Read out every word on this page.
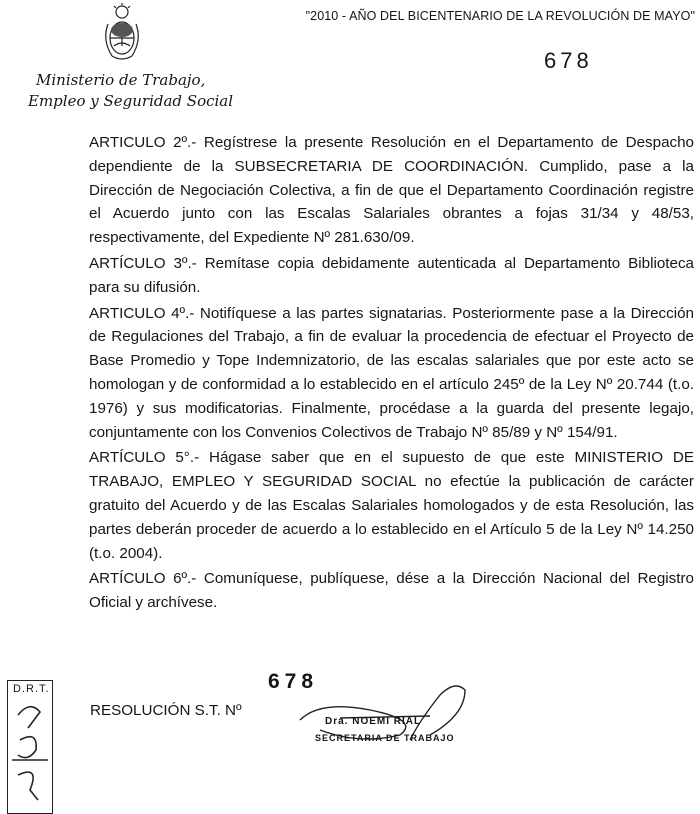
"2010 - AÑO DEL BICENTENARIO DE LA REVOLUCIÓN DE MAYO"
Ministerio de Trabajo,
Empleo y Seguridad Social
678

ARTICULO 2º.- Regístrese la presente Resolución en el Departamento de Despacho dependiente de la SUBSECRETARIA DE COORDINACIÓN. Cumplido, pase a la Dirección de Negociación Colectiva, a fin de que el Departamento Coordinación registre el Acuerdo junto con las Escalas Salariales obrantes a fojas 31/34 y 48/53, respectivamente, del Expediente Nº 281.630/09.

ARTÍCULO 3º.- Remítase copia debidamente autenticada al Departamento Biblioteca para su difusión.

ARTICULO 4º.- Notifíquese a las partes signatarias. Posteriormente pase a la Dirección de Regulaciones del Trabajo, a fin de evaluar la procedencia de efectuar el Proyecto de Base Promedio y Tope Indemnizatorio, de las escalas salariales que por este acto se homologan y de conformidad a lo establecido en el artículo 245º de la Ley Nº 20.744 (t.o. 1976) y sus modificatorias. Finalmente, procédase a la guarda del presente legajo, conjuntamente con los Convenios Colectivos de Trabajo Nº 85/89 y Nº 154/91.

ARTÍCULO 5°.- Hágase saber que en el supuesto de que este MINISTERIO DE TRABAJO, EMPLEO Y SEGURIDAD SOCIAL no efectúe la publicación de carácter gratuito del Acuerdo y de las Escalas Salariales homologados y de esta Resolución, las partes deberán proceder de acuerdo a lo establecido en el Artículo 5 de la Ley Nº 14.250 (t.o. 2004).

ARTÍCULO 6º.- Comuníquese, publíquese, dése a la Dirección Nacional del Registro Oficial y archívese.

RESOLUCIÓN S.T. Nº
678
Dra. NOEMI RIAL
SECRETARIA DE TRABAJO
D.R.T.
